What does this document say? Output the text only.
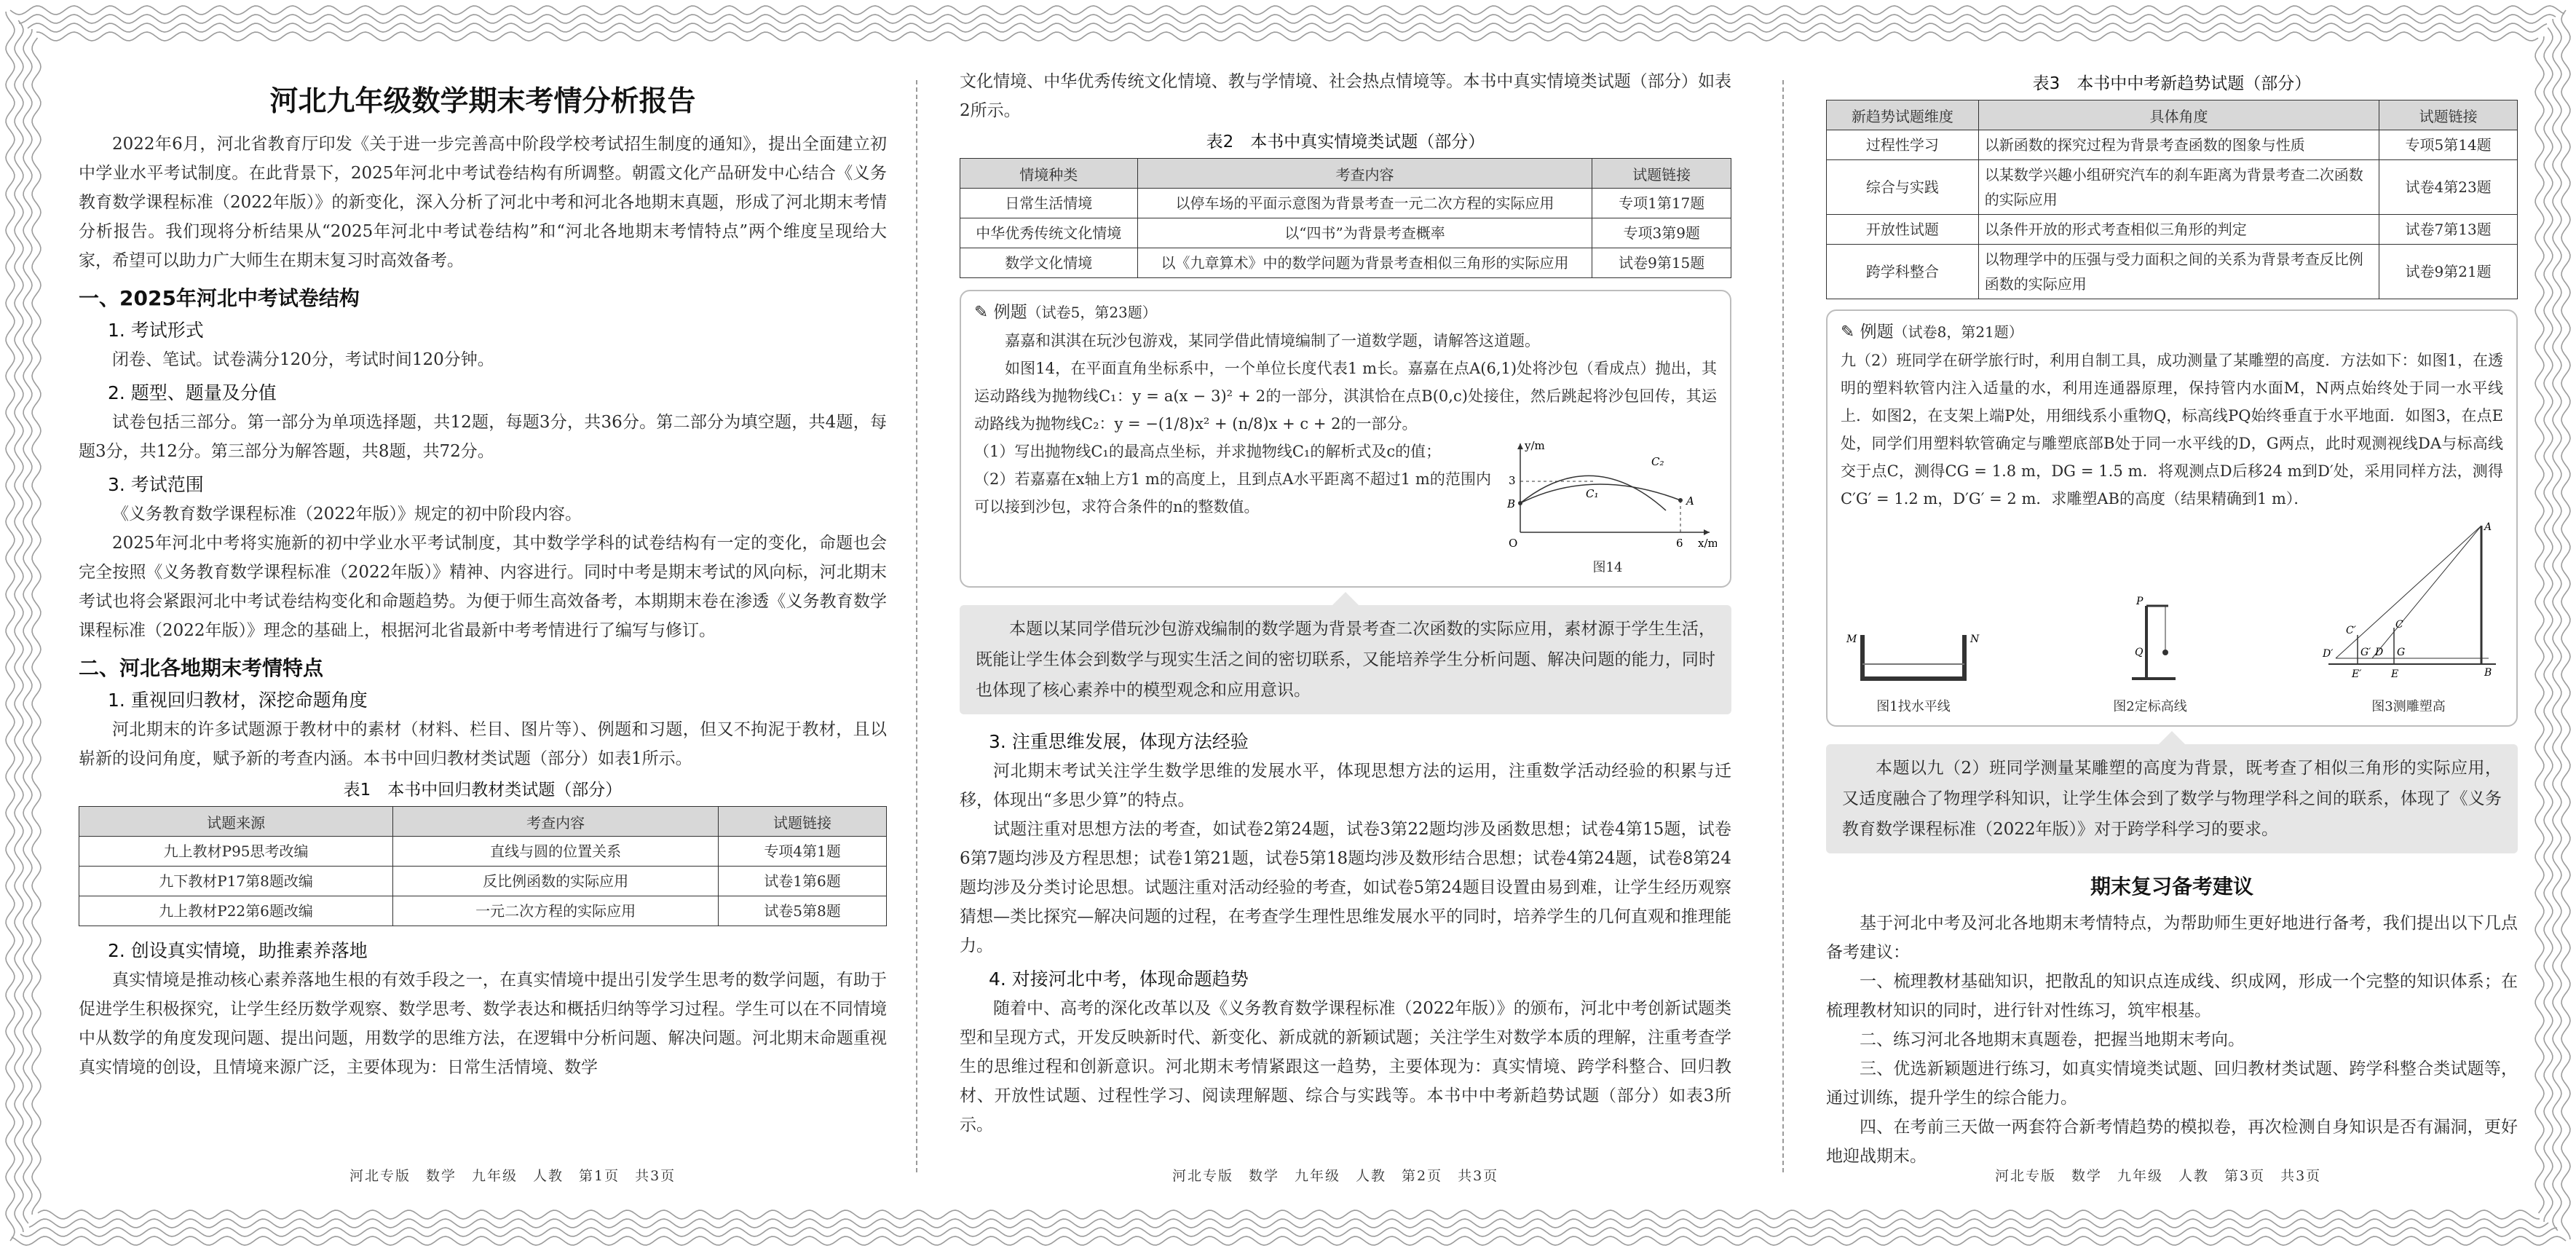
河北九年级数学期末考情分析报告

2022年6月，河北省教育厅印发《关于进一步完善高中阶段学校考试招生制度的通知》，提出全面建立初中学业水平考试制度。在此背景下，2025年河北中考试卷结构有所调整。朝霞文化产品研发中心结合《义务教育数学课程标准（2022年版）》的新变化，深入分析了河北中考和河北各地期末真题，形成了河北期末考情分析报告。我们现将分析结果从“2025年河北中考试卷结构”和“河北各地期末考情特点”两个维度呈现给大家，希望可以助力广大师生在期末复习时高效备考。

一、2025年河北中考试卷结构
1. 考试形式

闭卷、笔试。试卷满分120分，考试时间120分钟。

2. 题型、题量及分值

试卷包括三部分。第一部分为单项选择题，共12题，每题3分，共36分。第二部分为填空题，共4题，每题3分，共12分。第三部分为解答题，共8题，共72分。

3. 考试范围

《义务教育数学课程标准（2022年版）》规定的初中阶段内容。

2025年河北中考将实施新的初中学业水平考试制度，其中数学学科的试卷结构有一定的变化，命题也会完全按照《义务教育数学课程标准（2022年版）》精神、内容进行。同时中考是期末考试的风向标，河北期末考试也将会紧跟河北中考试卷结构变化和命题趋势。为便于师生高效备考，本期期末卷在渗透《义务教育数学课程标准（2022年版）》理念的基础上，根据河北省最新中考考情进行了编写与修订。

二、河北各地期末考情特点
1. 重视回归教材，深挖命题角度

河北期末的许多试题源于教材中的素材（材料、栏目、图片等）、例题和习题，但又不拘泥于教材，且以崭新的设问角度，赋予新的考查内涵。本书中回归教材类试题（部分）如表1所示。

表1　本书中回归教材类试题（部分）
试题来源	考查内容	试题链接
九上教材P95思考改编	直线与圆的位置关系	专项4第1题
九下教材P17第8题改编	反比例函数的实际应用	试卷1第6题
九上教材P22第6题改编	一元二次方程的实际应用	试卷5第8题
2. 创设真实情境，助推素养落地

真实情境是推动核心素养落地生根的有效手段之一，在真实情境中提出引发学生思考的数学问题，有助于促进学生积极探究，让学生经历数学观察、数学思考、数学表达和概括归纳等学习过程。学生可以在不同情境中从数学的角度发现问题、提出问题，用数学的思维方法，在逻辑中分析问题、解决问题。河北期末命题重视真实情境的创设，且情境来源广泛，主要体现为：日常生活情境、数学

河北专版　数学　九年级　人教　第1页　共3页

文化情境、中华优秀传统文化情境、教与学情境、社会热点情境等。本书中真实情境类试题（部分）如表2所示。

表2　本书中真实情境类试题（部分）
情境种类	考查内容	试题链接
日常生活情境	以停车场的平面示意图为背景考查一元二次方程的实际应用	专项1第17题
中华优秀传统文化情境	以“四书”为背景考查概率	专项3第9题
数学文化情境	以《九章算术》中的数学问题为背景考查相似三角形的实际应用	试卷9第15题
✎ 例题（试卷5，第23题）

嘉嘉和淇淇在玩沙包游戏，某同学借此情境编制了一道数学题，请解答这道题。

如图14，在平面直角坐标系中，一个单位长度代表1 m长。嘉嘉在点A(6,1)处将沙包（看成点）抛出，其运动路线为抛物线C₁：y = a(x − 3)² + 2的一部分，淇淇恰在点B(0,c)处接住，然后跳起将沙包回传，其运动路线为抛物线C₂：y = −(1/8)x² + (n/8)x + c + 2的一部分。

（1）写出抛物线C₁的最高点坐标，并求抛物线C₁的解析式及c的值；

（2）若嘉嘉在x轴上方1 m的高度上，且到点A水平距离不超过1 m的范围内可以接到沙包，求符合条件的n的整数值。

y/m
x/m
O
3
6
A
B
C₁
C₂
图14

本题以某同学借玩沙包游戏编制的数学题为背景考查二次函数的实际应用，素材源于学生生活，既能让学生体会到数学与现实生活之间的密切联系，又能培养学生分析问题、解决问题的能力，同时也体现了核心素养中的模型观念和应用意识。

3. 注重思维发展，体现方法经验

河北期末考试关注学生数学思维的发展水平，体现思想方法的运用，注重数学活动经验的积累与迁移，体现出“多思少算”的特点。

试题注重对思想方法的考查，如试卷2第24题，试卷3第22题均涉及函数思想；试卷4第15题，试卷6第7题均涉及方程思想；试卷1第21题，试卷5第18题均涉及数形结合思想；试卷4第24题，试卷8第24题均涉及分类讨论思想。试题注重对活动经验的考查，如试卷5第24题目设置由易到难，让学生经历观察猜想—类比探究—解决问题的过程，在考查学生理性思维发展水平的同时，培养学生的几何直观和推理能力。

4. 对接河北中考，体现命题趋势

随着中、高考的深化改革以及《义务教育数学课程标准（2022年版）》的颁布，河北中考创新试题类型和呈现方式，开发反映新时代、新变化、新成就的新颖试题；关注学生对数学本质的理解，注重考查学生的思维过程和创新意识。河北期末考情紧跟这一趋势，主要体现为：真实情境、跨学科整合、回归教材、开放性试题、过程性学习、阅读理解题、综合与实践等。本书中中考新趋势试题（部分）如表3所示。

河北专版　数学　九年级　人教　第2页　共3页
表3　本书中中考新趋势试题（部分）
新趋势试题维度	具体角度	试题链接
过程性学习	以新函数的探究过程为背景考查函数的图象与性质	专项5第14题
综合与实践	以某数学兴趣小组研究汽车的刹车距离为背景考查二次函数的实际应用	试卷4第23题
开放性试题	以条件开放的形式考查相似三角形的判定	试卷7第13题
跨学科整合	以物理学中的压强与受力面积之间的关系为背景考查反比例函数的实际应用	试卷9第21题
✎ 例题（试卷8，第21题）

九（2）班同学在研学旅行时，利用自制工具，成功测量了某雕塑的高度．方法如下：如图1，在透明的塑料软管内注入适量的水，利用连通器原理，保持管内水面M，N两点始终处于同一水平线上．如图2，在支架上端P处，用细线系小重物Q，标高线PQ始终垂直于水平地面．如图3，在点E处，同学们用塑料软管确定与雕塑底部B处于同一水平线的D，G两点，此时观测视线DA与标高线交于点C，测得CG = 1.8 m，DG = 1.5 m．将观测点D后移24 m到D′处，采用同样方法，测得C′G′ = 1.2 m，D′G′ = 2 m．求雕塑AB的高度（结果精确到1 m）．

M	N
图1找水平线
P
Q
图2定标高线
A
B
C
C′
D
D′
E
E′
G
G′
图3测雕塑高

本题以九（2）班同学测量某雕塑的高度为背景，既考查了相似三角形的实际应用，又适度融合了物理学科知识，让学生体会到了数学与物理学科之间的联系，体现了《义务教育数学课程标准（2022年版）》对于跨学科学习的要求。

期末复习备考建议

基于河北中考及河北各地期末考情特点，为帮助师生更好地进行备考，我们提出以下几点备考建议：

一、梳理教材基础知识，把散乱的知识点连成线、织成网，形成一个完整的知识体系；在梳理教材知识的同时，进行针对性练习，筑牢根基。

二、练习河北各地期末真题卷，把握当地期末考向。

三、优选新颖题进行练习，如真实情境类试题、回归教材类试题、跨学科整合类试题等，通过训练，提升学生的综合能力。

四、在考前三天做一两套符合新考情趋势的模拟卷，再次检测自身知识是否有漏洞，更好地迎战期末。

河北专版　数学　九年级　人教　第3页　共3页
